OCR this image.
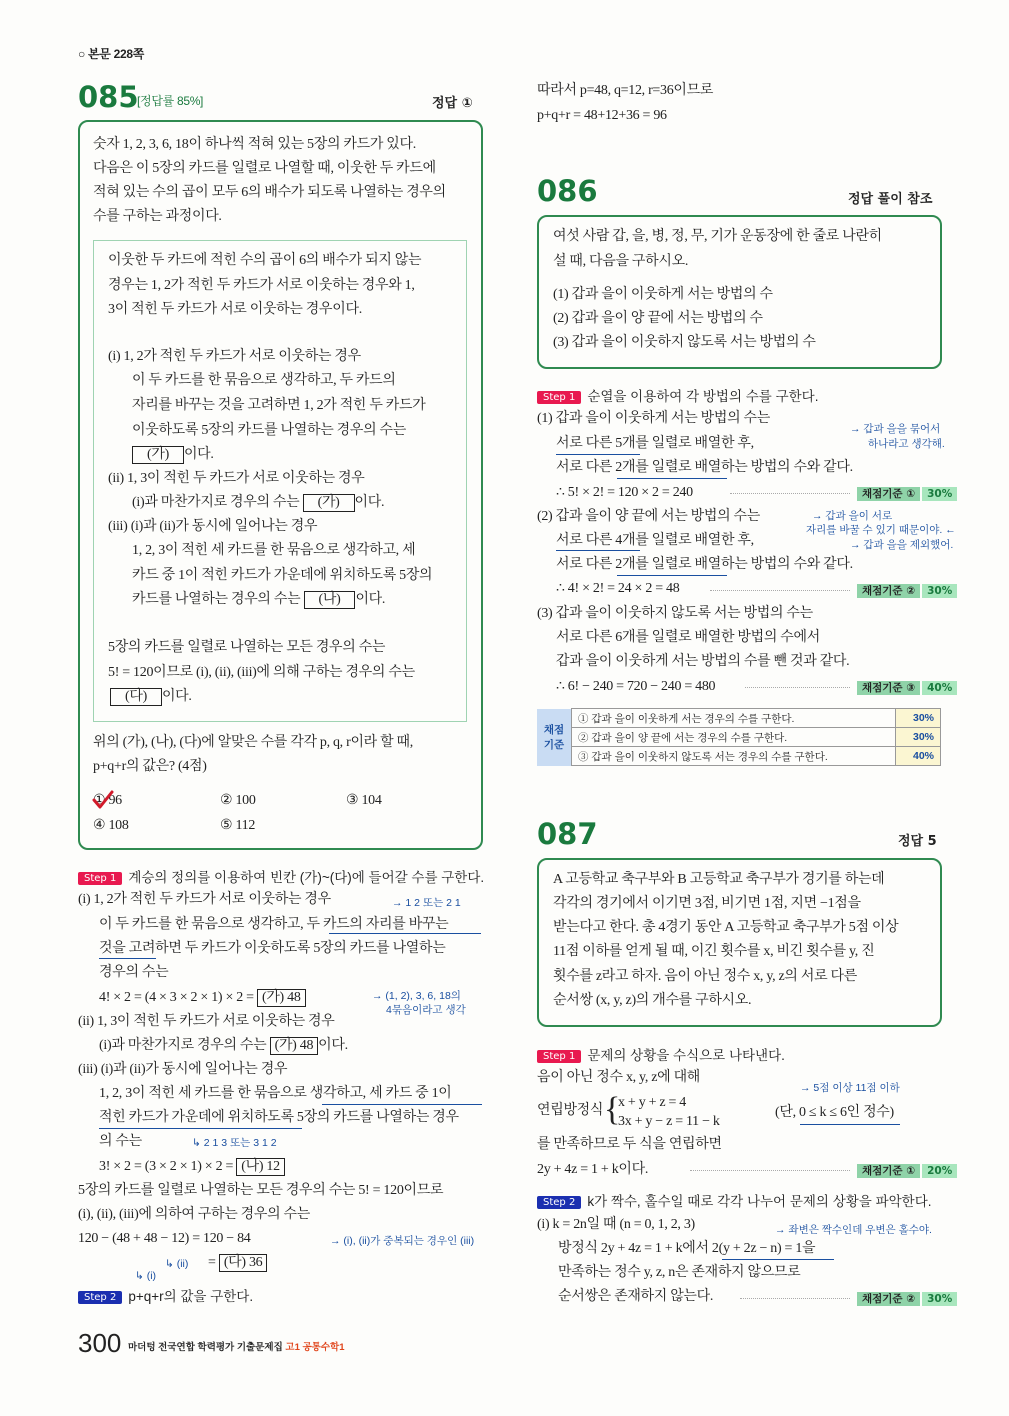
○ 본문 228쪽
085
[정답률 85%]	정답 ①
숫자 1, 2, 3, 6, 18이 하나씩 적혀 있는 5장의 카드가 있다.
다음은 이 5장의 카드를 일렬로 나열할 때, 이웃한 두 카드에
적혀 있는 수의 곱이 모두 6의 배수가 되도록 나열하는 경우의
수를 구하는 과정이다.
이웃한 두 카드에 적힌 수의 곱이 6의 배수가 되지 않는
경우는 1, 2가 적힌 두 카드가 서로 이웃하는 경우와 1,
3이 적힌 두 카드가 서로 이웃하는 경우이다.
(i) 1, 2가 적힌 두 카드가 서로 이웃하는 경우
이 두 카드를 한 묶음으로 생각하고, 두 카드의
자리를 바꾸는 것을 고려하면 1, 2가 적힌 두 카드가
이웃하도록 5장의 카드를 나열하는 경우의 수는
(가) 이다.
(ii) 1, 3이 적힌 두 카드가 서로 이웃하는 경우
(i)과 마찬가지로 경우의 수는 (가) 이다.
(iii) (i)과 (ii)가 동시에 일어나는 경우
1, 2, 3이 적힌 세 카드를 한 묶음으로 생각하고, 세
카드 중 1이 적힌 카드가 가운데에 위치하도록 5장의
카드를 나열하는 경우의 수는 (나) 이다.
5장의 카드를 일렬로 나열하는 모든 경우의 수는
5! = 120이므로 (i), (ii), (iii)에 의해 구하는 경우의 수는
(다) 이다.
위의 (가), (나), (다)에 알맞은 수를 각각 p, q, r이라 할 때,
p+q+r의 값은? (4점)
① 96	② 100	③ 104
④ 108	⑤ 112
Step 1 계승의 정의를 이용하여 빈칸 (가)~(다)에 들어갈 수를 구한다.
(i) 1, 2가 적힌 두 카드가 서로 이웃하는 경우
이 두 카드를 한 묶음으로 생각하고, 두 카드의 자리를 바꾸는
것을 고려하면 두 카드가 이웃하도록 5장의 카드를 나열하는
경우의 수는
4! × 2 = (4 × 3 × 2 × 1) × 2 = (가) 48
(ii) 1, 3이 적힌 두 카드가 서로 이웃하는 경우
(i)과 마찬가지로 경우의 수는 (가) 48 이다.
(iii) (i)과 (ii)가 동시에 일어나는 경우
1, 2, 3이 적힌 세 카드를 한 묶음으로 생각하고, 세 카드 중 1이
적힌 카드가 가운데에 위치하도록 5장의 카드를 나열하는 경우
의 수는
3! × 2 = (3 × 2 × 1) × 2 = (나) 12
5장의 카드를 일렬로 나열하는 모든 경우의 수는 5! = 120이므로
(i), (ii), (iii)에 의하여 구하는 경우의 수는
120 − (48 + 48 − 12) = 120 − 84
= (다) 36
→ 1 2 또는 2 1
→ (1, 2), 3, 6, 18의
4묶음이라고 생각
↳ 2 1 3 또는 3 1 2
→ (i), (ii)가 중복되는 경우인 (iii)
↳ (ii)
↳ (i)
Step 2 p+q+r의 값을 구한다.
따라서 p=48, q=12, r=36이므로
p+q+r = 48+12+36 = 96
086	정답 풀이 참조
여섯 사람 갑, 을, 병, 정, 무, 기가 운동장에 한 줄로 나란히
설 때, 다음을 구하시오.
(1) 갑과 을이 이웃하게 서는 방법의 수
(2) 갑과 을이 양 끝에 서는 방법의 수
(3) 갑과 을이 이웃하지 않도록 서는 방법의 수
Step 1 순열을 이용하여 각 방법의 수를 구한다.
(1) 갑과 을이 이웃하게 서는 방법의 수는
서로 다른 5개를 일렬로 배열한 후,
서로 다른 2개를 일렬로 배열하는 방법의 수와 같다.
∴ 5! × 2! = 120 × 2 = 240
(2) 갑과 을이 양 끝에 서는 방법의 수는
서로 다른 4개를 일렬로 배열한 후,
서로 다른 2개를 일렬로 배열하는 방법의 수와 같다.
∴ 4! × 2! = 24 × 2 = 48
(3) 갑과 을이 이웃하지 않도록 서는 방법의 수는
서로 다른 6개를 일렬로 배열한 방법의 수에서
갑과 을이 이웃하게 서는 방법의 수를 뺀 것과 같다.
∴ 6! − 240 = 720 − 240 = 480
→ 갑과 을을 묶어서
하나라고 생각해.
→ 갑과 을이 서로
자리를 바꿀 수 있기 때문이야. ←
→ 갑과 을을 제외했어.
채점기준 ① 30%
채점기준 ② 30%
채점기준 ③ 40%
채점 기준	① 갑과 을이 이웃하게 서는 경우의 수를 구한다.	30%
	② 갑과 을이 양 끝에 서는 경우의 수를 구한다.	30%
	③ 갑과 을이 이웃하지 않도록 서는 경우의 수를 구한다.	40%
087	정답 5
A 고등학교 축구부와 B 고등학교 축구부가 경기를 하는데
각각의 경기에서 이기면 3점, 비기면 1점, 지면 −1점을
받는다고 한다. 총 4경기 동안 A 고등학교 축구부가 5점 이상
11점 이하를 얻게 될 때, 이긴 횟수를 x, 비긴 횟수를 y, 진
횟수를 z라고 하자. 음이 아닌 정수 x, y, z의 서로 다른
순서쌍 (x, y, z)의 개수를 구하시오.
Step 1 문제의 상황을 수식으로 나타낸다.
음이 아닌 정수 x, y, z에 대해
연립방정식 {
x + y + z = 4
3x + y − z = 11 − k
(단, 0 ≤ k ≤ 6인 정수)
→ 5점 이상 11점 이하
를 만족하므로 두 식을 연립하면
2y + 4z = 1 + k이다.	채점기준 ① 20%
Step 2 k가 짝수, 홀수일 때로 각각 나누어 문제의 상황을 파악한다.
(i) k = 2n일 때 (n = 0, 1, 2, 3)	→ 좌변은 짝수인데 우변은 홀수야.
방정식 2y + 4z = 1 + k에서 2(y + 2z − n) = 1을
만족하는 정수 y, z, n은 존재하지 않으므로
순서쌍은 존재하지 않는다.	채점기준 ② 30%
300 마더텅 전국연합 학력평가 기출문제집 고1 공통수학1
